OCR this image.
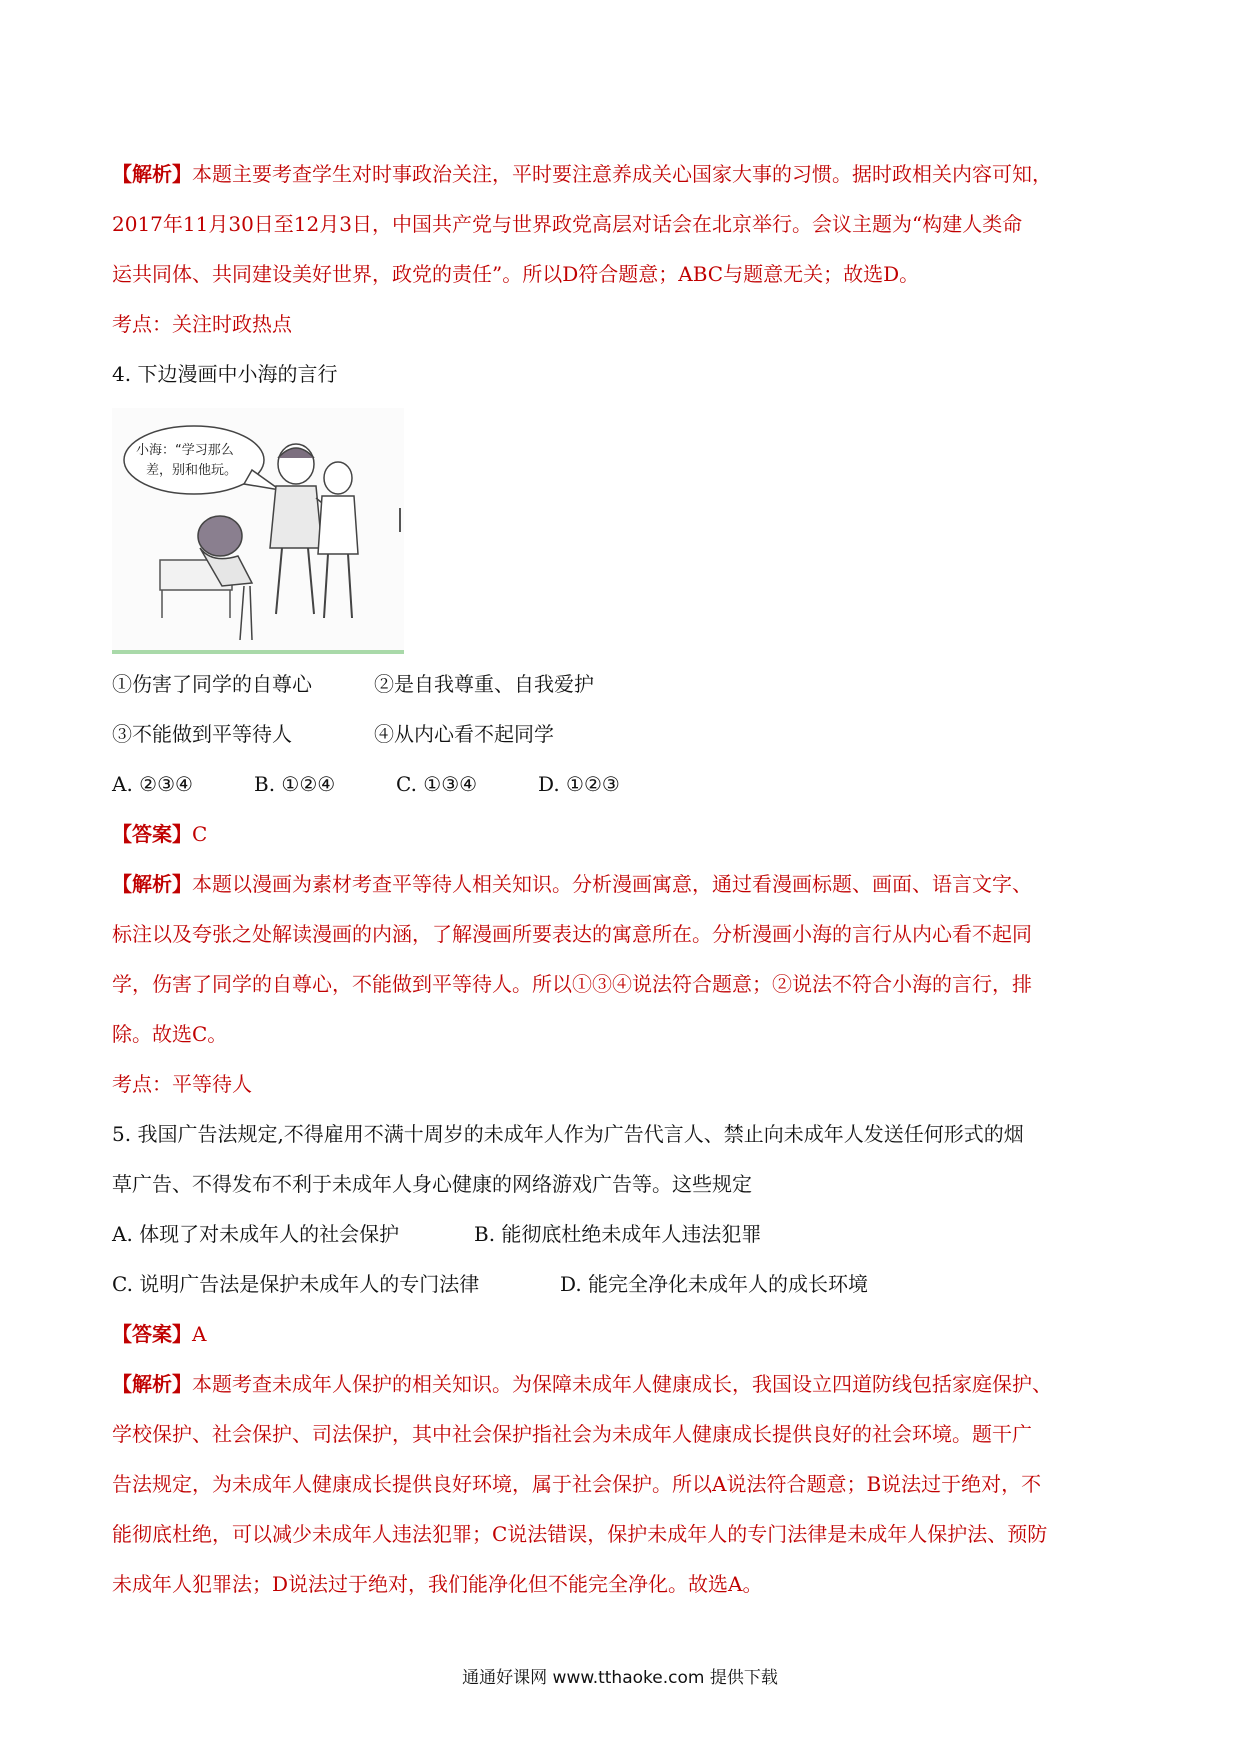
【解析】本题主要考查学生对时事政治关注，平时要注意养成关心国家大事的习惯。据时政相关内容可知，
2017年11月30日至12月3日，中国共产党与世界政党高层对话会在北京举行。会议主题为“构建人类命
运共同体、共同建设美好世界，政党的责任”。所以D符合题意；ABC与题意无关；故选D。
考点：关注时政热点
4. 下边漫画中小海的言行
小海：“学习那么
差，别和他玩。
①伤害了同学的自尊心	②是自我尊重、自我爱护
③不能做到平等待人	④从内心看不起同学
A. ②③④	B. ①②④	C. ①③④	D. ①②③
【答案】C
【解析】本题以漫画为素材考查平等待人相关知识。分析漫画寓意，通过看漫画标题、画面、语言文字、
标注以及夸张之处解读漫画的内涵，了解漫画所要表达的寓意所在。分析漫画小海的言行从内心看不起同
学，伤害了同学的自尊心，不能做到平等待人。所以①③④说法符合题意；②说法不符合小海的言行，排
除。故选C。
考点：平等待人
5. 我国广告法规定,不得雇用不满十周岁的未成年人作为广告代言人、禁止向未成年人发送任何形式的烟
草广告、不得发布不利于未成年人身心健康的网络游戏广告等。这些规定
A. 体现了对未成年人的社会保护	B. 能彻底杜绝未成年人违法犯罪
C. 说明广告法是保护未成年人的专门法律	D. 能完全净化未成年人的成长环境
【答案】A
【解析】本题考查未成年人保护的相关知识。为保障未成年人健康成长，我国设立四道防线包括家庭保护、
学校保护、社会保护、司法保护，其中社会保护指社会为未成年人健康成长提供良好的社会环境。题干广
告法规定，为未成年人健康成长提供良好环境，属于社会保护。所以A说法符合题意；B说法过于绝对，不
能彻底杜绝，可以减少未成年人违法犯罪；C说法错误，保护未成年人的专门法律是未成年人保护法、预防
未成年人犯罪法；D说法过于绝对，我们能净化但不能完全净化。故选A。
通通好课网 www.tthaoke.com 提供下载
